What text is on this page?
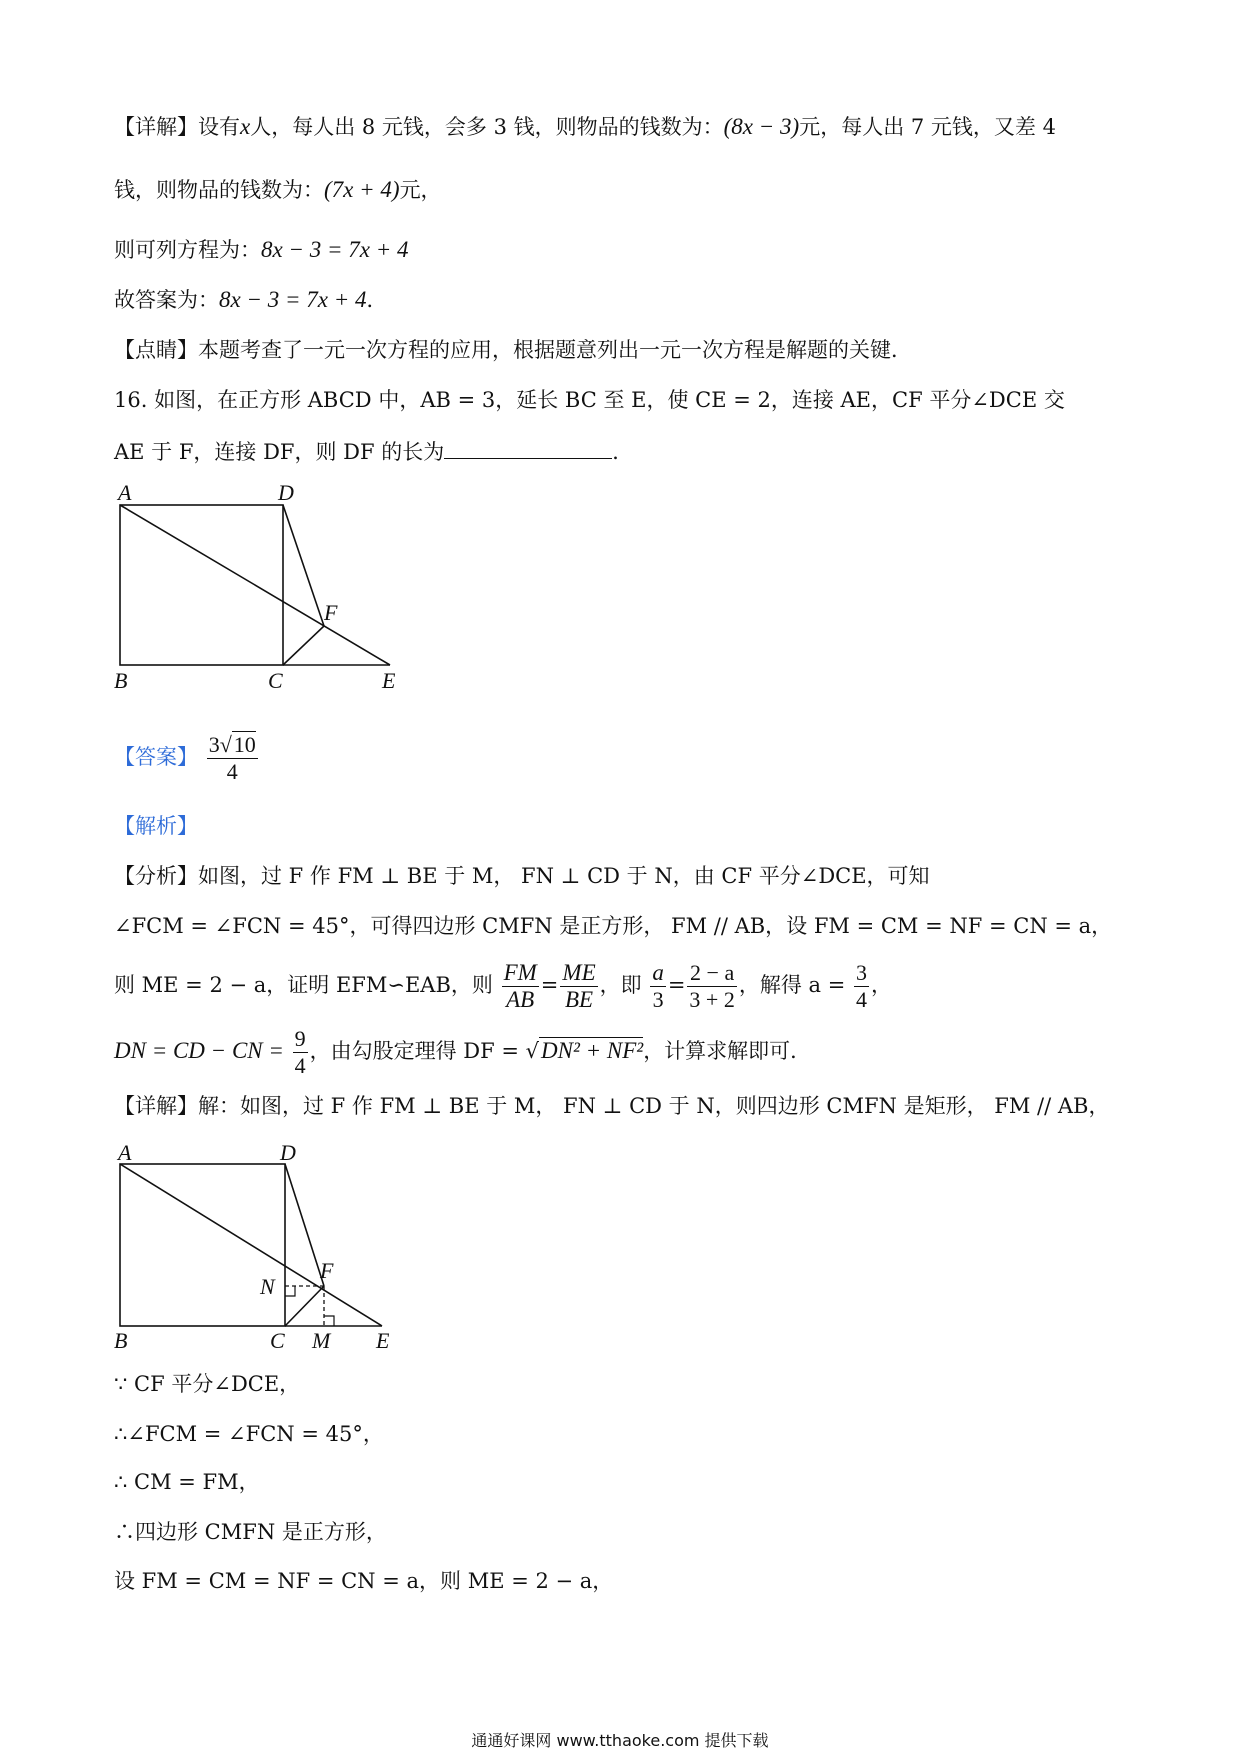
【详解】设有x人，每人出 8 元钱，会多 3 钱，则物品的钱数为：(8x − 3)元，每人出 7 元钱，又差 4
钱，则物品的钱数为：(7x + 4)元，
则可列方程为：8x − 3 = 7x + 4
故答案为：8x − 3 = 7x + 4．
【点睛】本题考查了一元一次方程的应用，根据题意列出一元一次方程是解题的关键．
16. 如图，在正方形 ABCD 中，AB = 3，延长 BC 至 E，使 CE = 2，连接 AE，CF 平分∠DCE 交
AE 于 F，连接 DF，则 DF 的长为	．
A	D
B	C	E
F
【答案】 $\frac{3√10}{4}$
【解析】
【分析】如图，过 F 作 FM ⊥ BE 于 M， FN ⊥ CD 于 N，由 CF 平分∠DCE，可知
∠FCM = ∠FCN = 45°，可得四边形 CMFN 是正方形， FM // AB，设 FM = CM = NF = CN = a，
则 ME = 2 − a，证明 EFM∽EAB，则 $\frac{FM}{AB} = \frac{ME}{BE}$ ，即 $\frac{a}{3} = \frac{2 - a}{3 + 2}$ ，解得 $a = \frac{3}{4}$ ，
DN = CD − CN = $\frac{9}{4}$ ，由勾股定理得 DF = √DN² + NF²，计算求解即可．
【详解】解：如图，过 F 作 FM ⊥ BE 于 M， FN ⊥ CD 于 N，则四边形 CMFN 是矩形， FM // AB，
A	D
B	C M E
N
F
∵ CF 平分∠DCE，
∴∠FCM = ∠FCN = 45°，
∴ CM = FM，
∴四边形 CMFN 是正方形，
设 FM = CM = NF = CN = a，则 ME = 2 − a，
通通好课网 www.tthaoke.com 提供下载
